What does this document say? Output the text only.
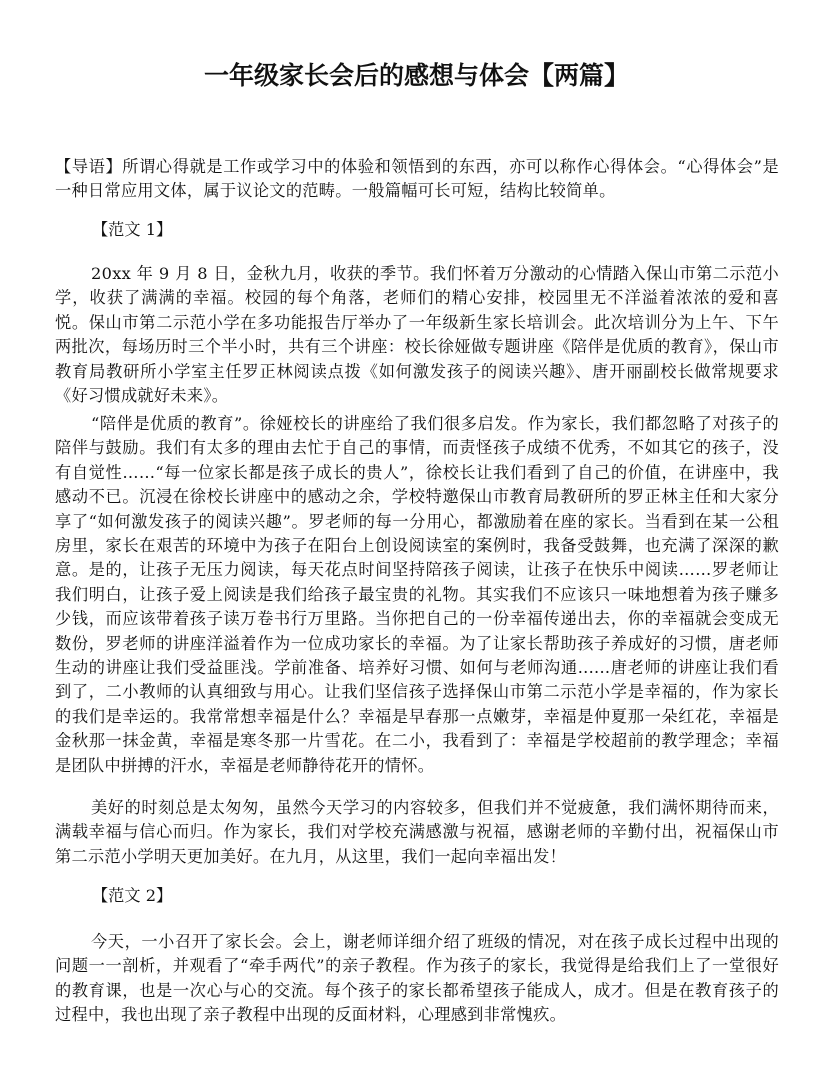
一年级家长会后的感想与体会【两篇】
【导语】所谓心得就是工作或学习中的体验和领悟到的东西，亦可以称作心得体会。“心得体会”是一种日常应用文体，属于议论文的范畴。一般篇幅可长可短，结构比较简单。
【范文 1】
20xx 年 9 月 8 日，金秋九月，收获的季节。我们怀着万分激动的心情踏入保山市第二示范小学，收获了满满的幸福。校园的每个角落，老师们的精心安排，校园里无不洋溢着浓浓的爱和喜悦。保山市第二示范小学在多功能报告厅举办了一年级新生家长培训会。此次培训分为上午、下午两批次，每场历时三个半小时，共有三个讲座：校长徐娅做专题讲座《陪伴是优质的教育》，保山市教育局教研所小学室主任罗正林阅读点拨《如何激发孩子的阅读兴趣》、唐开丽副校长做常规要求《好习惯成就好未来》。
“陪伴是优质的教育”。徐娅校长的讲座给了我们很多启发。作为家长，我们都忽略了对孩子的陪伴与鼓励。我们有太多的理由去忙于自己的事情，而责怪孩子成绩不优秀，不如其它的孩子，没有自觉性……“每一位家长都是孩子成长的贵人”，徐校长让我们看到了自己的价值，在讲座中，我感动不已。沉浸在徐校长讲座中的感动之余，学校特邀保山市教育局教研所的罗正林主任和大家分享了“如何激发孩子的阅读兴趣”。罗老师的每一分用心，都激励着在座的家长。当看到在某一公租房里，家长在艰苦的环境中为孩子在阳台上创设阅读室的案例时，我备受鼓舞，也充满了深深的歉意。是的，让孩子无压力阅读，每天花点时间坚持陪孩子阅读，让孩子在快乐中阅读……罗老师让我们明白，让孩子爱上阅读是我们给孩子最宝贵的礼物。其实我们不应该只一味地想着为孩子赚多少钱，而应该带着孩子读万卷书行万里路。当你把自己的一份幸福传递出去，你的幸福就会变成无数份，罗老师的讲座洋溢着作为一位成功家长的幸福。为了让家长帮助孩子养成好的习惯，唐老师生动的讲座让我们受益匪浅。学前准备、培养好习惯、如何与老师沟通......唐老师的讲座让我们看到了，二小教师的认真细致与用心。让我们坚信孩子选择保山市第二示范小学是幸福的，作为家长的我们是幸运的。我常常想幸福是什么？幸福是早春那一点嫩芽，幸福是仲夏那一朵红花，幸福是金秋那一抹金黄，幸福是寒冬那一片雪花。在二小，我看到了：幸福是学校超前的教学理念；幸福是团队中拼搏的汗水，幸福是老师静待花开的情怀。
美好的时刻总是太匆匆，虽然今天学习的内容较多，但我们并不觉疲惫，我们满怀期待而来，满载幸福与信心而归。作为家长，我们对学校充满感激与祝福，感谢老师的辛勤付出，祝福保山市第二示范小学明天更加美好。在九月，从这里，我们一起向幸福出发！
【范文 2】
今天，一小召开了家长会。会上，谢老师详细介绍了班级的情况，对在孩子成长过程中出现的问题一一剖析，并观看了“牵手两代”的亲子教程。作为孩子的家长，我觉得是给我们上了一堂很好的教育课，也是一次心与心的交流。每个孩子的家长都希望孩子能成人，成才。但是在教育孩子的过程中，我也出现了亲子教程中出现的反面材料，心理感到非常愧疚。
